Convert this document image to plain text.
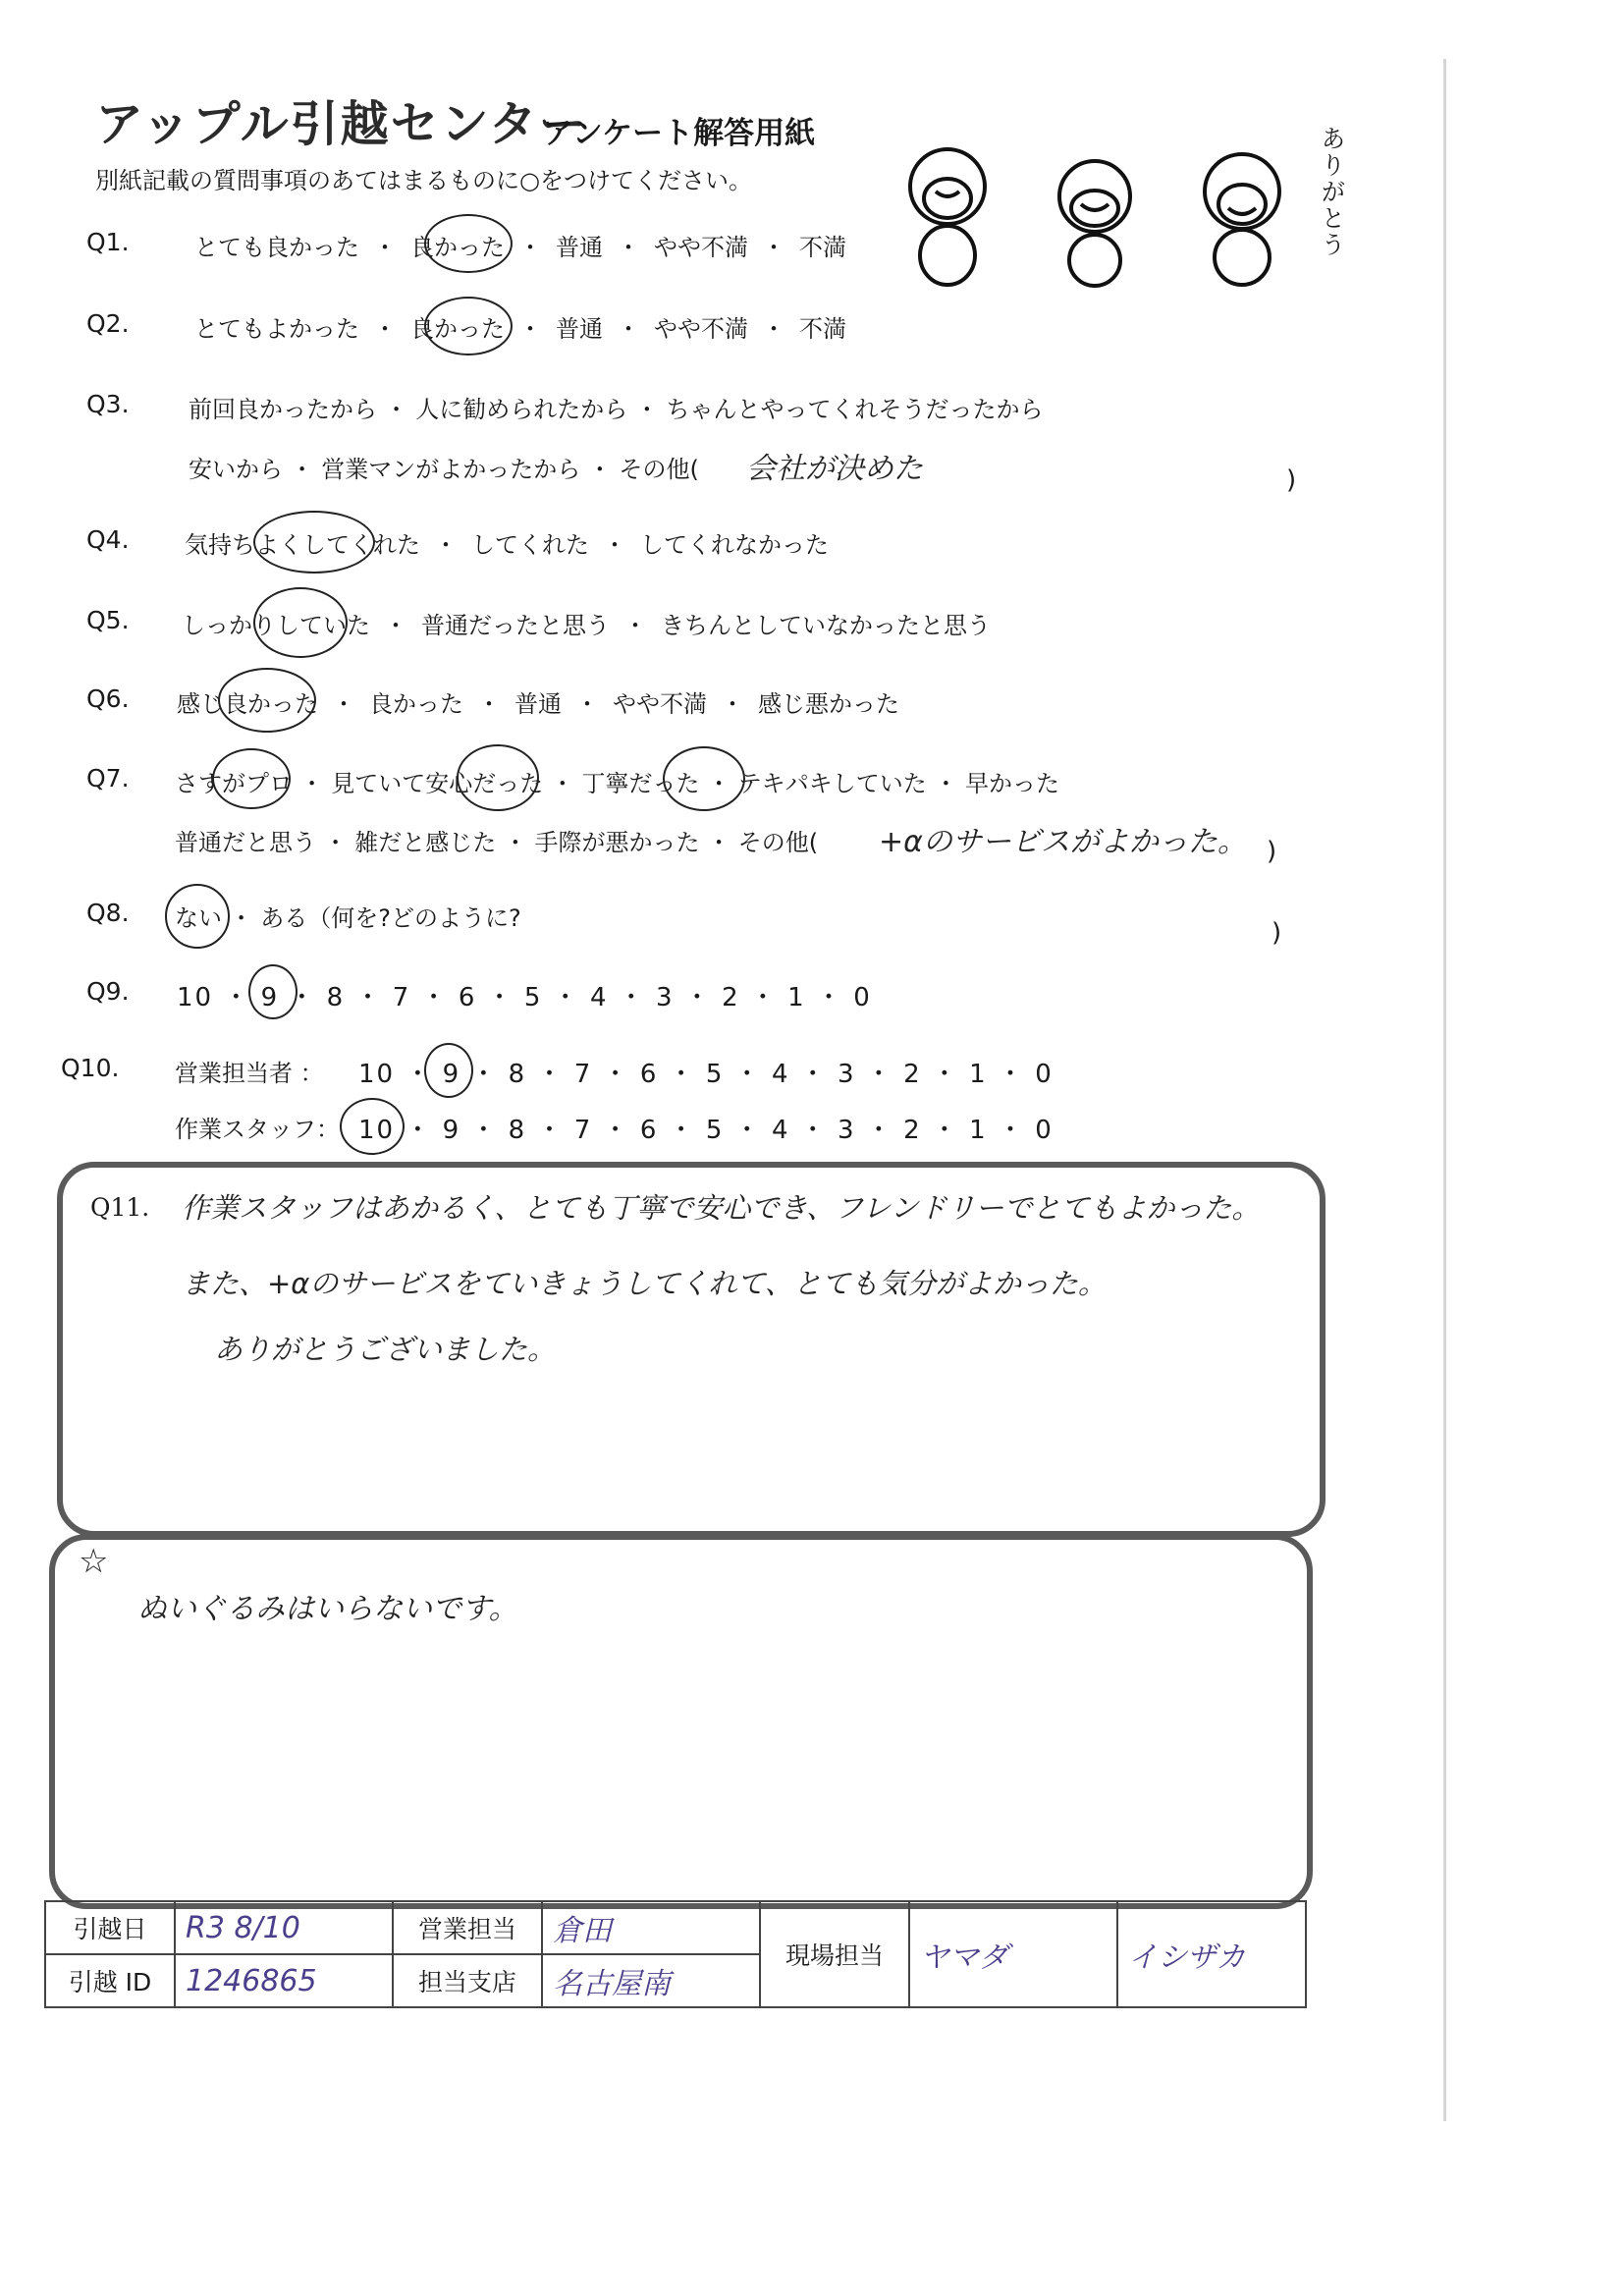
アップル引越センター
アンケート解答用紙
別紙記載の質問事項のあてはまるものに○をつけてください。	ありがとう
Q1.	とても良かった ・ 良かった ・ 普通 ・ やや不満 ・ 不満
Q2.	とてもよかった ・ 良かった ・ 普通 ・ やや不満 ・ 不満
Q3.	前回良かったから ・ 人に勧められたから ・ ちゃんとやってくれそうだったから
安いから ・ 営業マンがよかったから ・ その他( 会社が決めた	)
Q4. 気持ちよくしてくれた ・ してくれた ・ してくれなかった
Q5. しっかりしていた ・ 普通だったと思う ・ きちんとしていなかったと思う
Q6. 感じ良かった ・ 良かった ・ 普通 ・ やや不満 ・ 感じ悪かった
Q7. さすがプロ ・ 見ていて安心だった ・ 丁寧だった ・ テキパキしていた ・ 早かった
普通だと思う ・ 雑だと感じた ・ 手際が悪かった ・ その他( +αのサービスがよかった。 )
Q8. ない ・ ある（何を?どのように?	)
Q9. 10 ・ 9 ・ 8 ・ 7 ・ 6 ・ 5 ・ 4 ・ 3 ・ 2 ・ 1 ・ 0
Q10. 営業担当者 ： 10 ・ 9 ・ 8 ・ 7 ・ 6 ・ 5 ・ 4 ・ 3 ・ 2 ・ 1 ・ 0
作業スタッフ： 10 ・ 9 ・ 8 ・ 7 ・ 6 ・ 5 ・ 4 ・ 3 ・ 2 ・ 1 ・ 0
Q11. 作業スタッフはあかるく、とても丁寧で安心でき、フレンドリーでとてもよかった。
また、+αのサービスをていきょうしてくれて、とても気分がよかった。
ありがとうございました。
☆
ぬいぐるみはいらないです。
引越日	R3 8/10	営業担当	倉田	現場担当	ヤマダ	イシザカ
引越 ID	1246865	担当支店	名古屋南			
